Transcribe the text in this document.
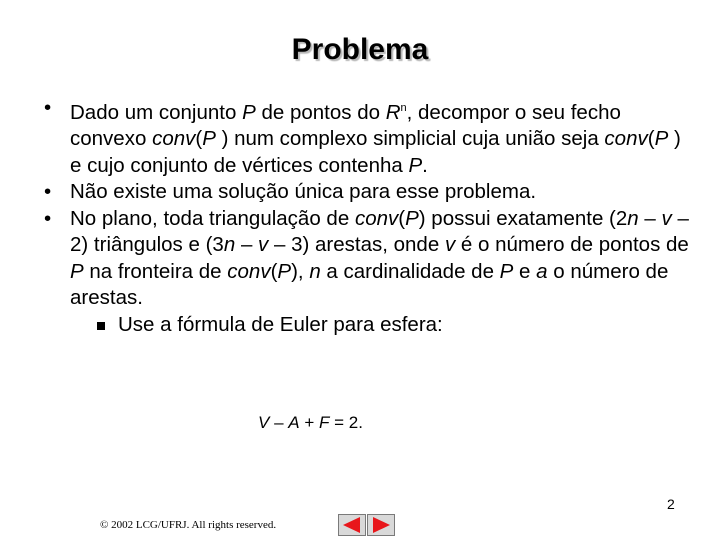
Problema
• Dado um conjunto P de pontos do $R^n$, decompor o seu fecho convexo conv(P ) num complexo simplicial cuja união seja conv(P ) e cujo conjunto de vértices contenha P.
• Não existe uma solução única para esse problema.
• No plano, toda triangulação de conv(P) possui exatamente (2n – v – 2) triângulos e (3n – v – 3) arestas, onde v é o número de pontos de P na fronteira de conv(P), n a cardinalidade de P e a o número de arestas.
Use a fórmula de Euler para esfera:
V – A + F = 2.
2
© 2002 LCG/UFRJ. All rights reserved.
